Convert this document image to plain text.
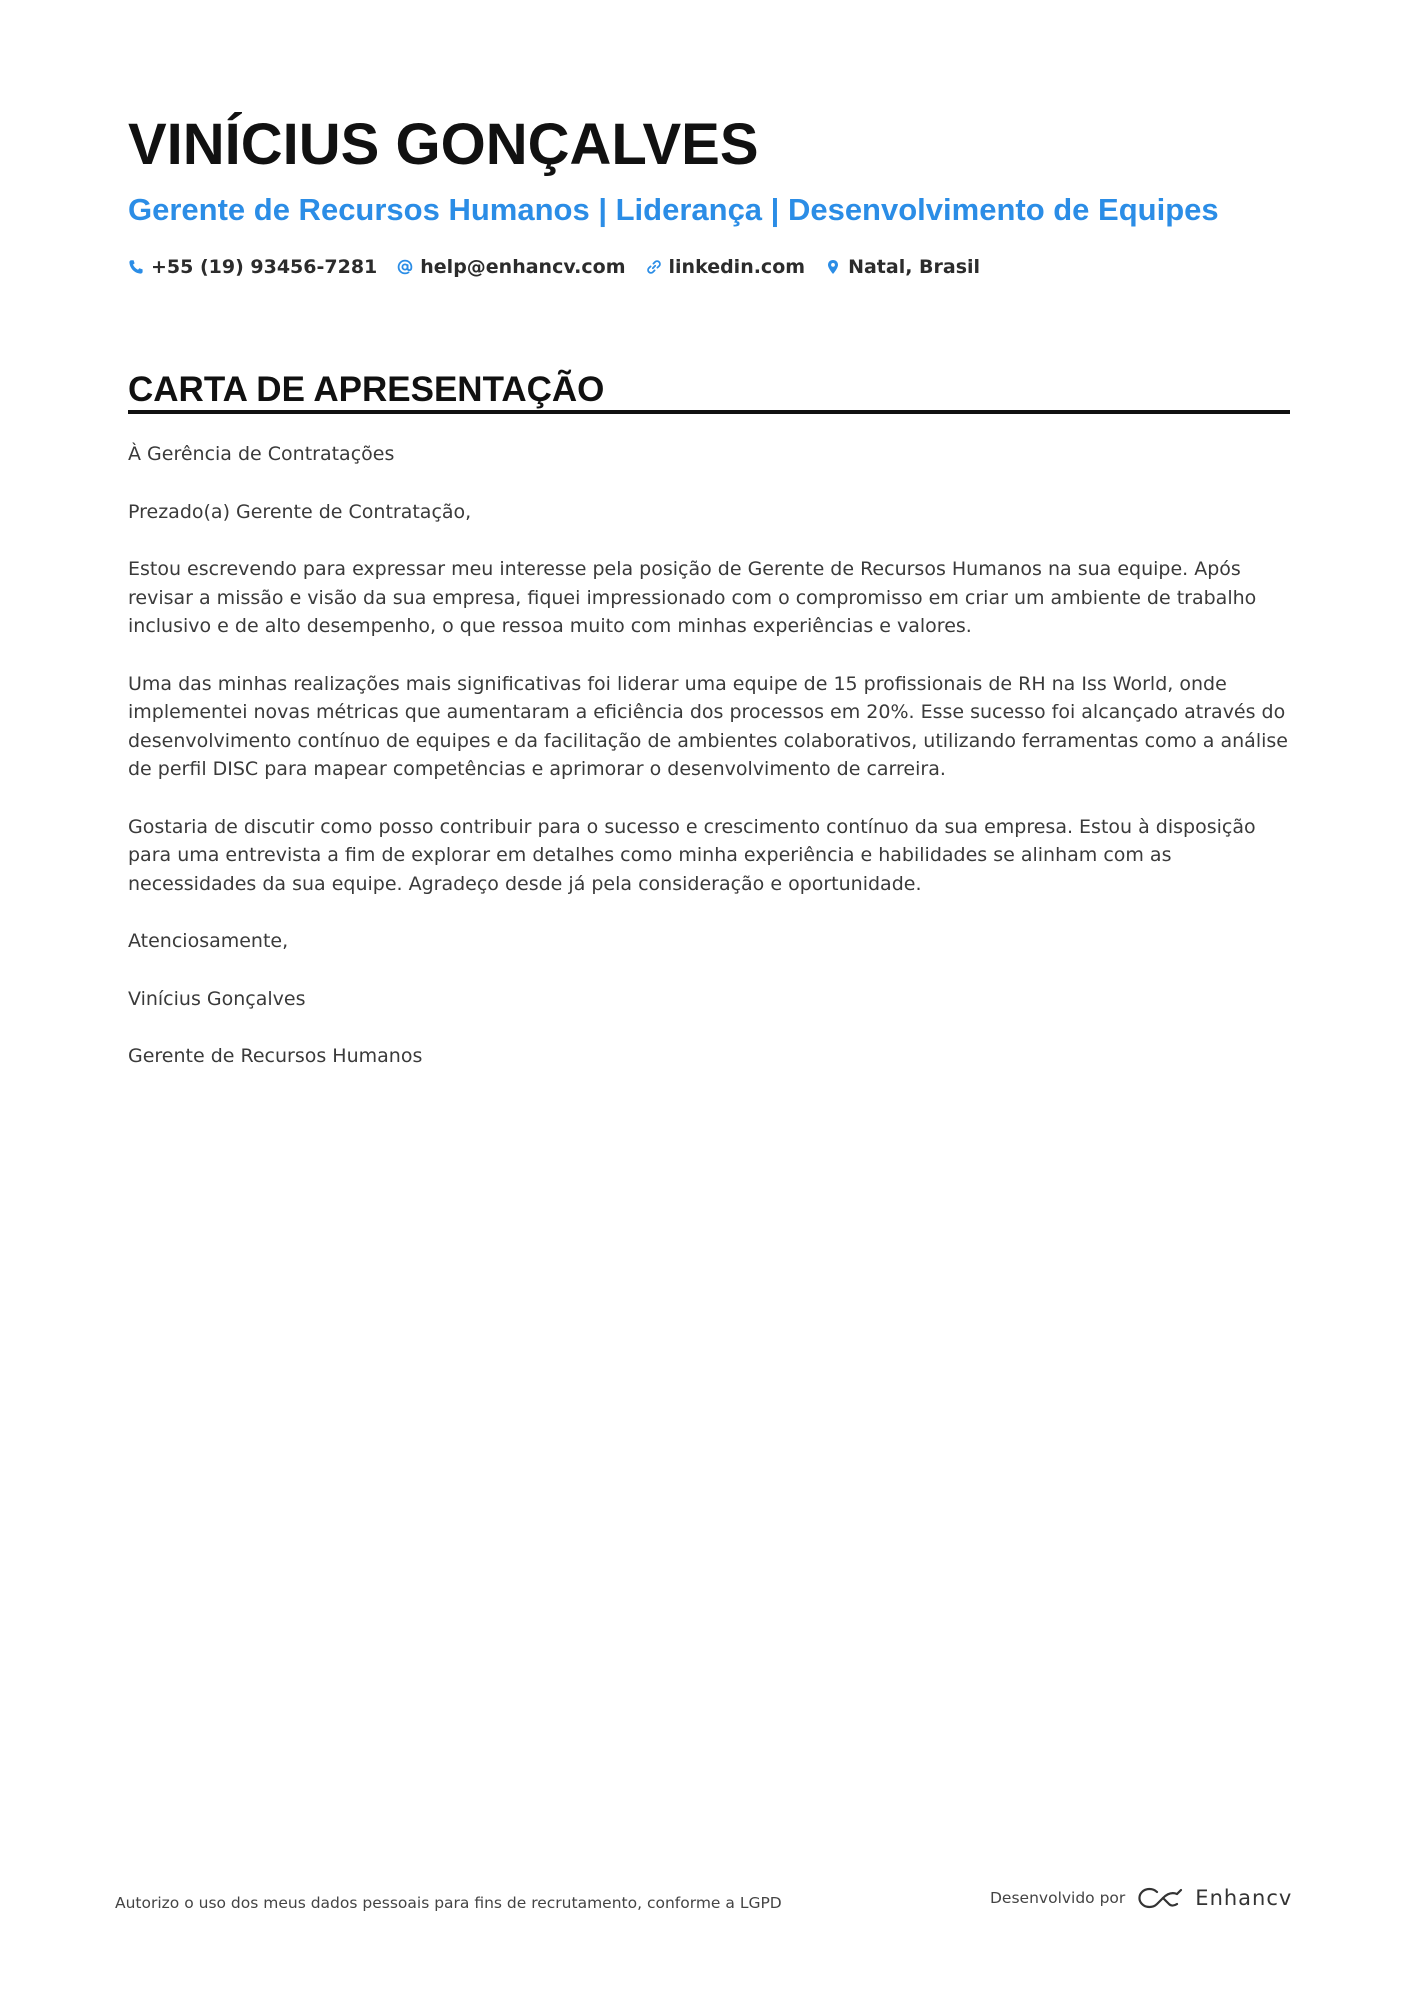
VINÍCIUS GONÇALVES
Gerente de Recursos Humanos | Liderança | Desenvolvimento de Equipes
+55 (19) 93456-7281 help@enhancv.com linkedin.com Natal, Brasil
CARTA DE APRESENTAÇÃO

À Gerência de Contratações

Prezado(a) Gerente de Contratação,

Estou escrevendo para expressar meu interesse pela posição de Gerente de Recursos Humanos na sua equipe. Após revisar a missão e visão da sua empresa, fiquei impressionado com o compromisso em criar um ambiente de trabalho inclusivo e de alto desempenho, o que ressoa muito com minhas experiências e valores.

Uma das minhas realizações mais significativas foi liderar uma equipe de 15 profissionais de RH na Iss World, onde implementei novas métricas que aumentaram a eficiência dos processos em 20%. Esse sucesso foi alcançado através do desenvolvimento contínuo de equipes e da facilitação de ambientes colaborativos, utilizando ferramentas como a análise de perfil DISC para mapear competências e aprimorar o desenvolvimento de carreira.

Gostaria de discutir como posso contribuir para o sucesso e crescimento contínuo da sua empresa. Estou à disposição para uma entrevista a fim de explorar em detalhes como minha experiência e habilidades se alinham com as necessidades da sua equipe. Agradeço desde já pela consideração e oportunidade.

Atenciosamente,

Vinícius Gonçalves

Gerente de Recursos Humanos

Autorizo o uso dos meus dados pessoais para fins de recrutamento, conforme a LGPD	Desenvolvido por	Enhancv
